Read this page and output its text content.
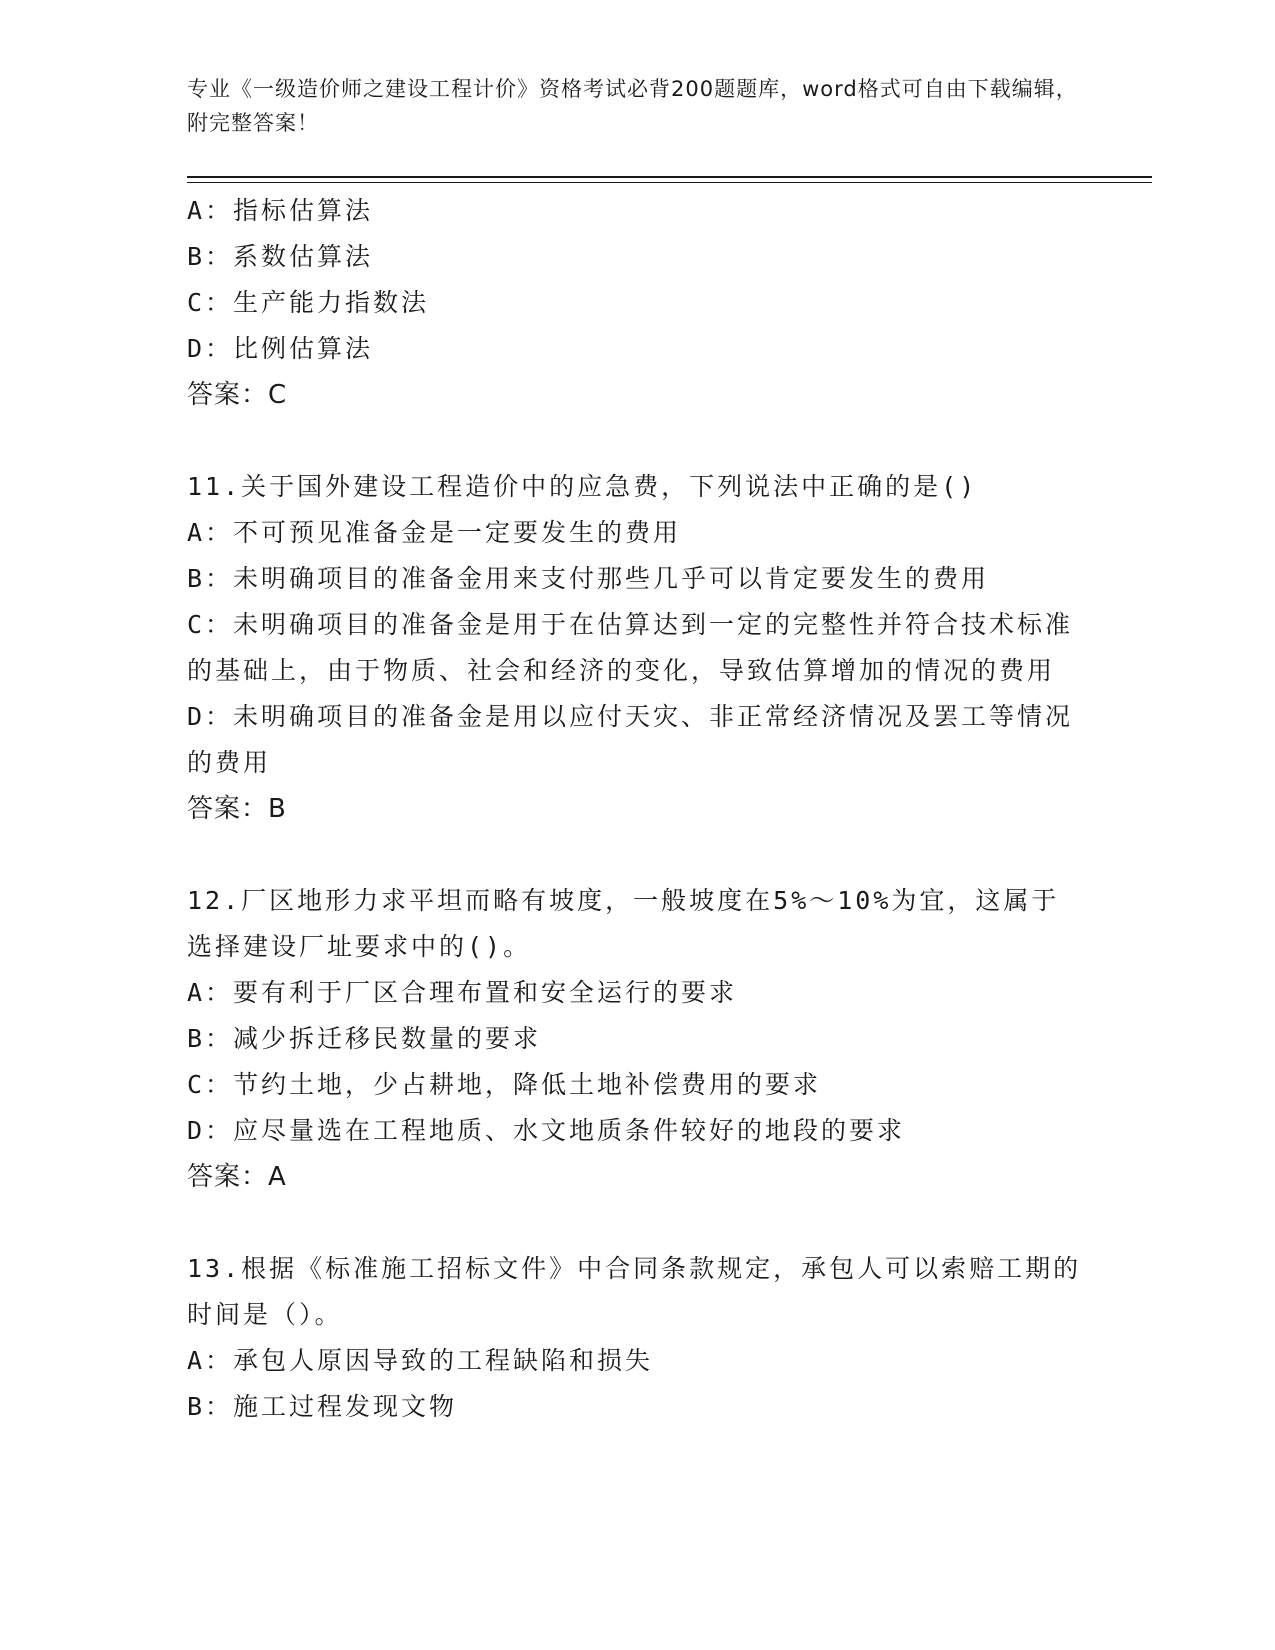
专业《一级造价师之建设工程计价》资格考试必背200题题库，word格式可自由下载编辑，附完整答案！
A：指标估算法
B：系数估算法
C：生产能力指数法
D：比例估算法
答案：C
11.关于国外建设工程造价中的应急费，下列说法中正确的是()
A：不可预见准备金是一定要发生的费用
B：未明确项目的准备金用来支付那些几乎可以肯定要发生的费用
C：未明确项目的准备金是用于在估算达到一定的完整性并符合技术标准的基础上，由于物质、社会和经济的变化，导致估算增加的情况的费用
D：未明确项目的准备金是用以应付天灾、非正常经济情况及罢工等情况的费用
答案：B
12.厂区地形力求平坦而略有坡度，一般坡度在5%～10%为宜，这属于选择建设厂址要求中的()。
A：要有利于厂区合理布置和安全运行的要求
B：减少拆迁移民数量的要求
C：节约土地，少占耕地，降低土地补偿费用的要求
D：应尽量选在工程地质、水文地质条件较好的地段的要求
答案：A
13.根据《标准施工招标文件》中合同条款规定，承包人可以索赔工期的时间是（）。
A：承包人原因导致的工程缺陷和损失
B：施工过程发现文物
